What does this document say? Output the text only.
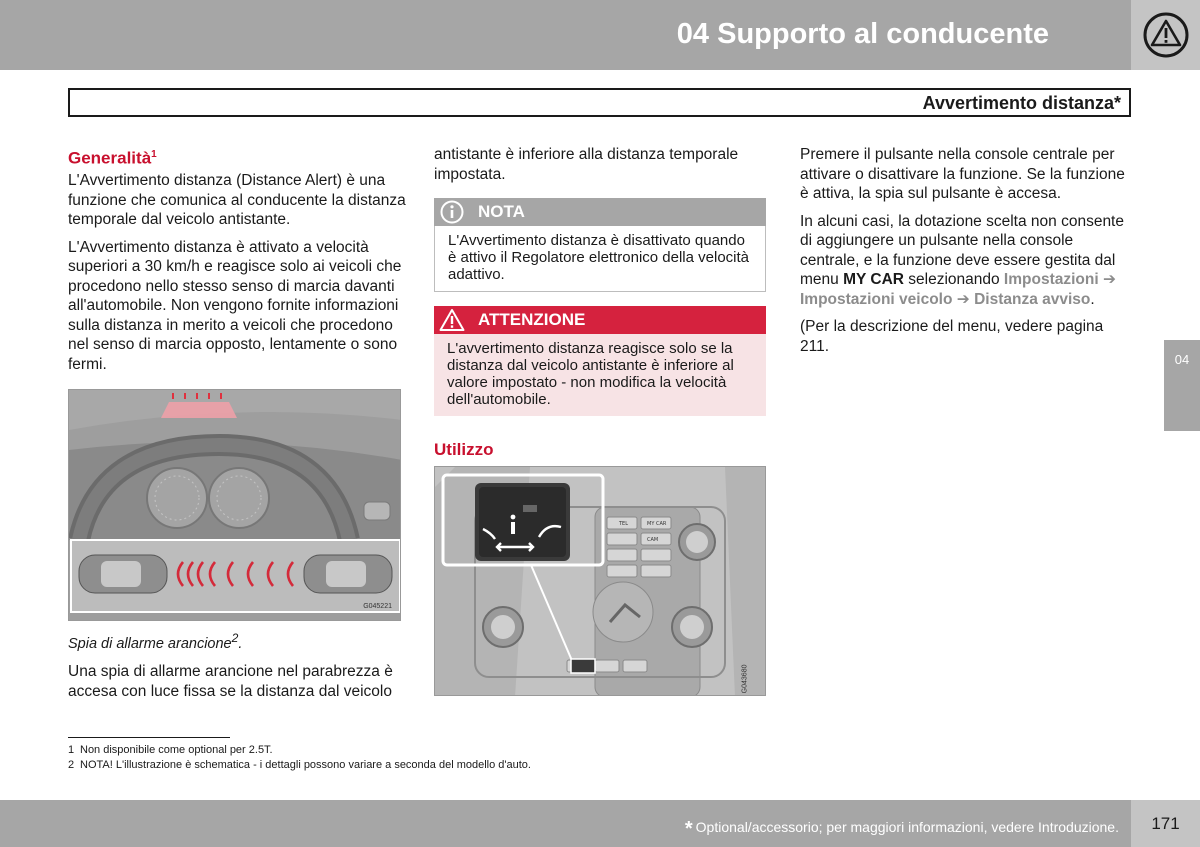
04 Supporto al conducente
Avvertimento distanza*
Generalità$^1$

L'Avvertimento distanza (Distance Alert) è una funzione che comunica al conducente la distanza temporale dal veicolo antistante.

L'Avvertimento distanza è attivato a velocità superiori a 30 km/h e reagisce solo ai veicoli che procedono nello stesso senso di marcia davanti all'automobile. Non vengono fornite informazioni sulla distanza in merito a veicoli che procedono nel senso di marcia opposto, lentamente o sono fermi.

G045221

Spia di allarme arancione$^2$.

Una spia di allarme arancione nel parabrezza è accesa con luce fissa se la distanza dal veicolo

antistante è inferiore alla distanza temporale impostata.

NOTA
L'Avvertimento distanza è disattivato quando è attivo il Regolatore elettronico della velocità adattivo.
ATTENZIONE
L'avvertimento distanza reagisce solo se la distanza dal veicolo antistante è inferiore al valore impostato - non modifica la velocità dell'automobile.
Utilizzo
TEL	MY CAR
CAM
G043680

Premere il pulsante nella console centrale per attivare o disattivare la funzione. Se la funzione è attiva, la spia sul pulsante è accesa.

In alcuni casi, la dotazione scelta non consente di aggiungere un pulsante nella console centrale, e la funzione deve essere gestita dal menu MY CAR selezionando Impostazioni ➔ Impostazioni veicolo ➔ Distanza avviso.

(Per la descrizione del menu, vedere pagina 211.

04
1 Non disponibile come optional per 2.5T.
2 NOTA! L'illustrazione è schematica - i dettagli possono variare a seconda del modello d'auto.
* Optional/accessorio; per maggiori informazioni, vedere Introduzione.	171
